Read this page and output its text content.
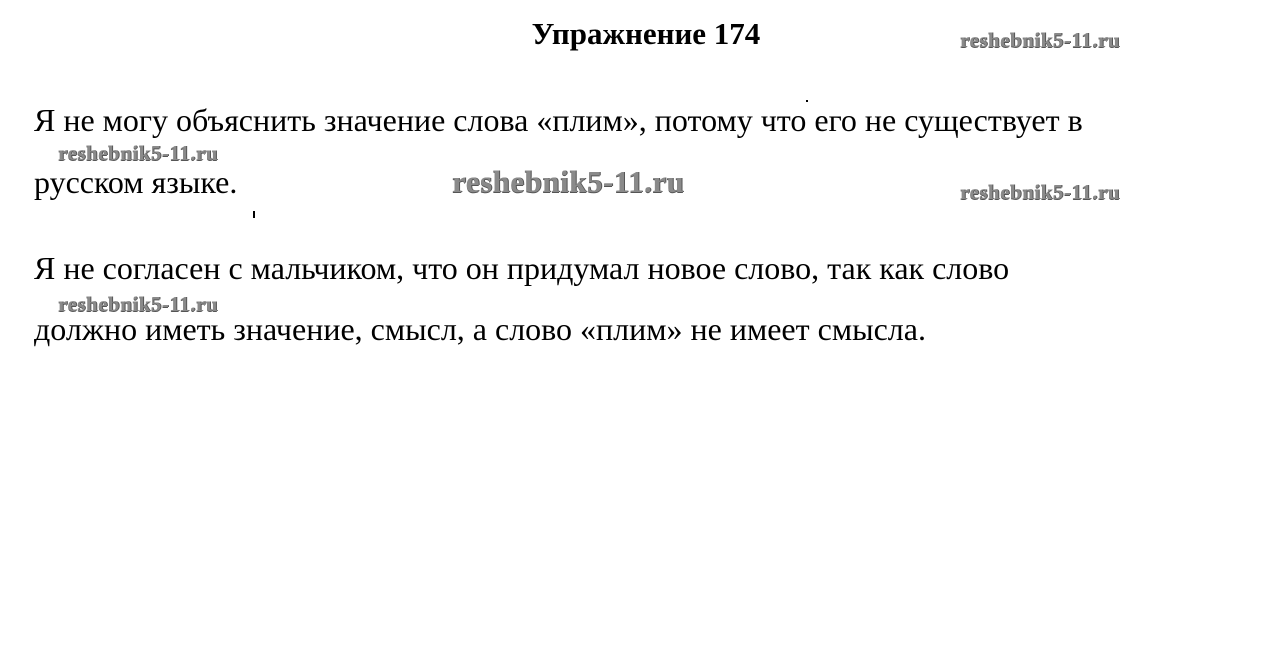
Упражнение 174
Я не могу объяснить значение слова «плим», потому что его не существует в
русском языке.
Я не согласен с мальчиком, что он придумал новое слово, так как слово
должно иметь значение, смысл, а слово «плим» не имеет смысла.
reshebnik5-11.ru
reshebnik5-11.ru
reshebnik5-11.ru	reshebnik5-11.ru
reshebnik5-11.ru
